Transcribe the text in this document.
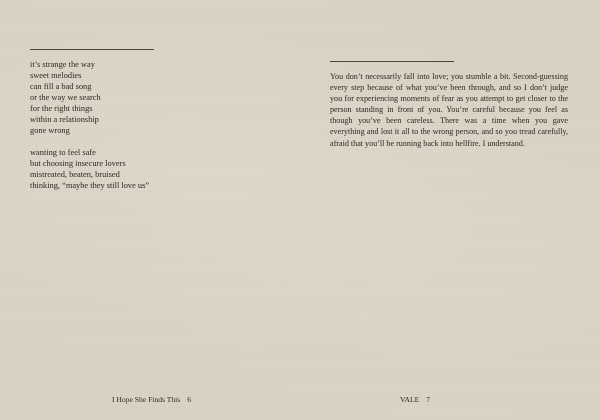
it’s strange the way
sweet melodies
can fill a bad song
or the way we search
for the right things
within a relationship
gone wrong
wanting to feel safe
but choosing insecure lovers
mistreated, beaten, bruised
thinking, “maybe they still love us”
I Hope She Finds This 6

You don’t necessarily fall into love; you stumble a bit. Second-guessing every step because of what you’ve been through, and so I don’t judge you for experiencing moments of fear as you attempt to get closer to the person standing in front of you. You’re careful because you feel as though you’ve been careless. There was a time when you gave everything and lost it all to the wrong person, and so you tread carefully, afraid that you’ll be running back into hellfire. I understand.

VALE 7
